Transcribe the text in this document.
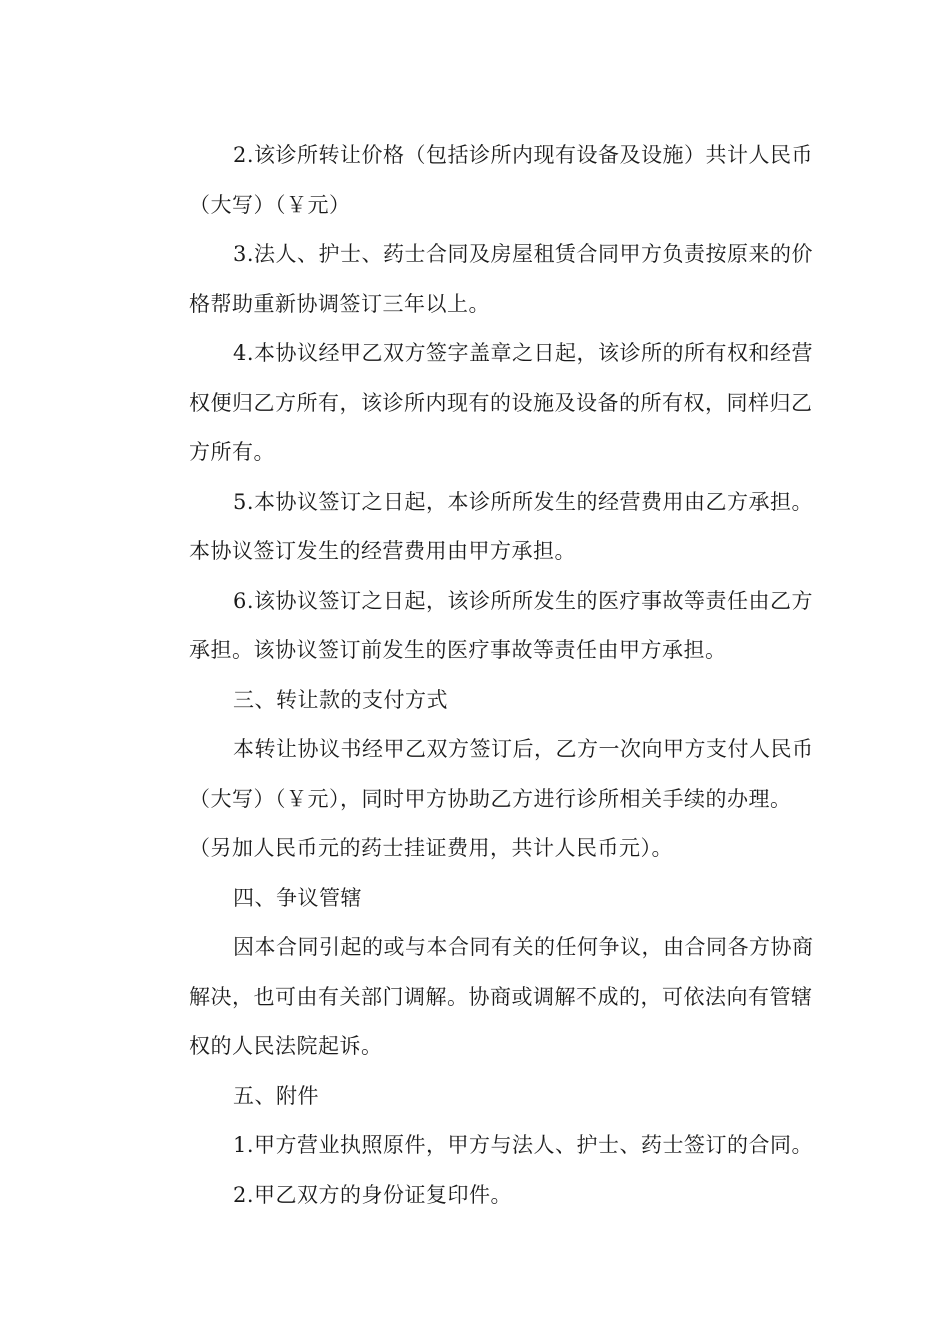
2.该诊所转让价格（包括诊所内现有设备及设施）共计人民币
（大写）（￥元）
3.法人、护士、药士合同及房屋租赁合同甲方负责按原来的价
格帮助重新协调签订三年以上。
4.本协议经甲乙双方签字盖章之日起，该诊所的所有权和经营
权便归乙方所有，该诊所内现有的设施及设备的所有权，同样归乙
方所有。
5.本协议签订之日起，本诊所所发生的经营费用由乙方承担。
本协议签订发生的经营费用由甲方承担。
6.该协议签订之日起，该诊所所发生的医疗事故等责任由乙方
承担。该协议签订前发生的医疗事故等责任由甲方承担。
三、转让款的支付方式
本转让协议书经甲乙双方签订后，乙方一次向甲方支付人民币
（大写）（￥元），同时甲方协助乙方进行诊所相关手续的办理。
（另加人民币元的药士挂证费用，共计人民币元）。
四、争议管辖
因本合同引起的或与本合同有关的任何争议，由合同各方协商
解决，也可由有关部门调解。协商或调解不成的，可依法向有管辖
权的人民法院起诉。
五、附件
1.甲方营业执照原件，甲方与法人、护士、药士签订的合同。
2.甲乙双方的身份证复印件。
